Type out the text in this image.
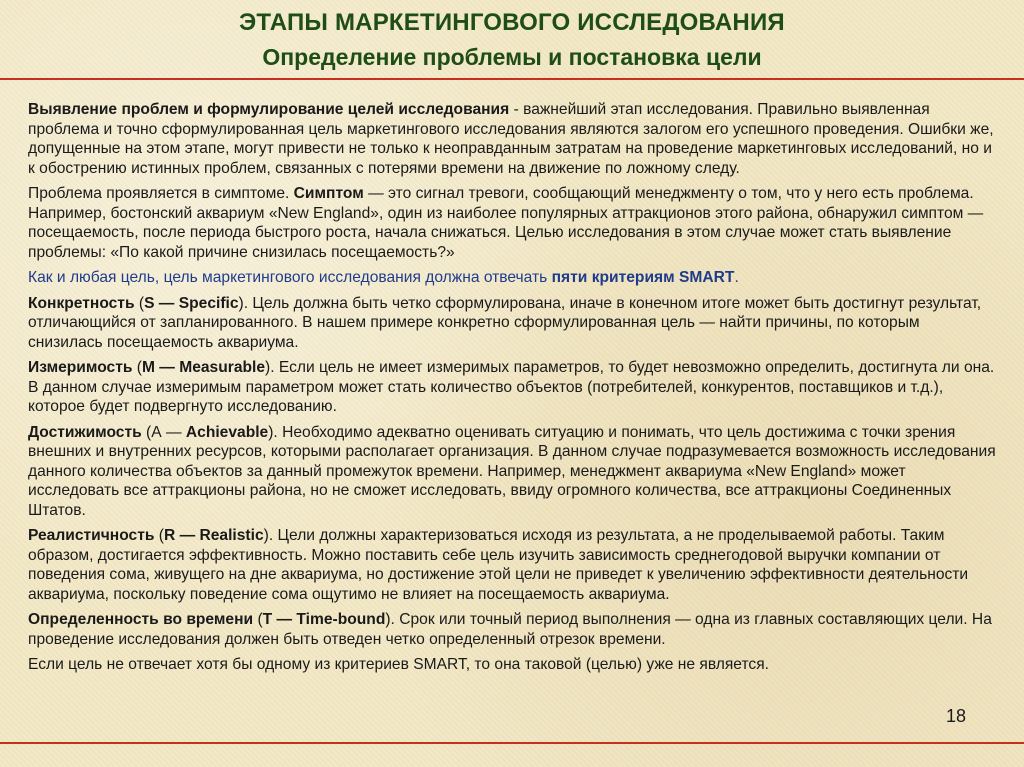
ЭТАПЫ МАРКЕТИНГОВОГО ИССЛЕДОВАНИЯ
Определение проблемы и постановка цели

Выявление проблем и формулирование целей исследования - важнейший этап исследования. Правильно выявленная проблема и точно сформулированная цель маркетингового исследования являются залогом его успешного проведения. Ошибки же, допущенные на этом этапе, могут привести не только к неоправданным затратам на проведение маркетинговых исследований, но и к обострению истинных проблем, связанных с потерями времени на движение по ложному следу.

Проблема проявляется в симптоме. Симптом — это сигнал тревоги, сообщающий менеджменту о том, что у него есть проблема. Например, бостонский аквариум «New England», один из наиболее популярных аттракционов этого района, обнаружил симптом — посещаемость, после периода быстрого роста, начала снижаться. Целью исследования в этом случае может стать выявление проблемы: «По какой причине снизилась посещаемость?»

Как и любая цель, цель маркетингового исследования должна отвечать пяти критериям SMART.

Конкретность (S — Specific). Цель должна быть четко сформулирована, иначе в конечном итоге может быть достигнут результат, отличающийся от запланированного. В нашем примере конкретно сформулированная цель — найти причины, по которым снизилась посещаемость аквариума.

Измеримость (M — Measurable). Если цель не имеет измеримых параметров, то будет невозможно определить, достигнута ли она. В данном случае измеримым параметром может стать количество объектов (потребителей, конкурентов, поставщиков и т.д.), которое будет подвергнуто исследованию.

Достижимость (А — Achievable). Необходимо адекватно оценивать ситуацию и понимать, что цель достижима с точки зрения внешних и внутренних ресурсов, которыми располагает организация. В данном случае подразумевается возможность исследования данного количества объектов за данный промежуток времени. Например, менеджмент аквариума «New England» может исследовать все аттракционы района, но не сможет исследовать, ввиду огромного количества, все аттракционы Соединенных Штатов.

Реалистичность (R — Realistic). Цели должны характеризоваться исходя из результата, а не проделываемой работы. Таким образом, достигается эффективность. Можно поставить себе цель изучить зависимость среднегодовой выручки компании от поведения сома, живущего на дне аквариума, но достижение этой цели не приведет к увеличению эффективности деятельности аквариума, поскольку поведение сома ощутимо не влияет на посещаемость аквариума.

Определенность во времени (T — Time-bound). Срок или точный период выполнения — одна из главных составляющих цели. На проведение исследования должен быть отведен четко определенный отрезок времени.

Если цель не отвечает хотя бы одному из критериев SMART, то она таковой (целью) уже не является.

18
